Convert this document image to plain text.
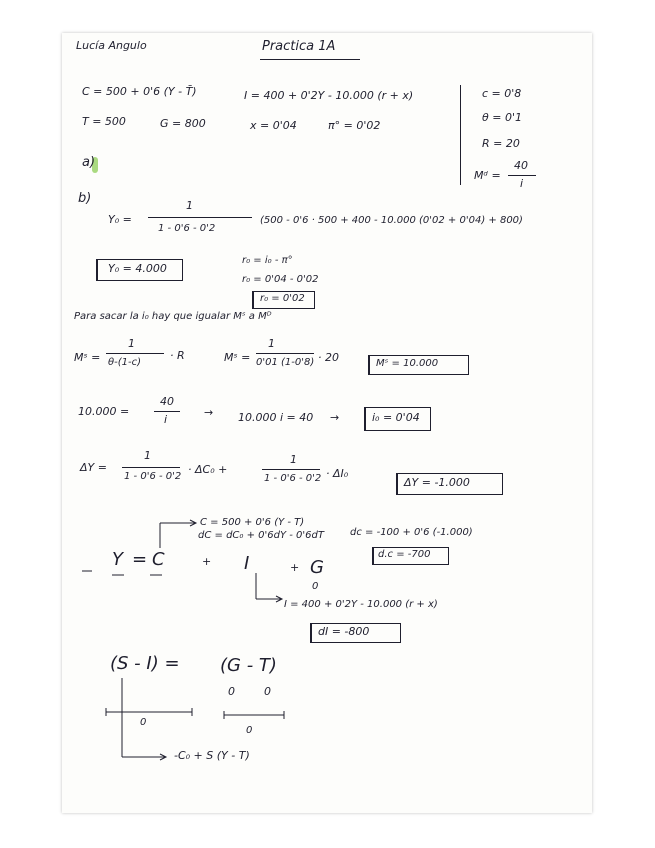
Lucía Angulo	Practica 1A
C = 500 + 0'6 (Y - T̄)	I = 400 + 0'2Y - 10.000 (r + x)
T = 500	G = 800	x = 0'04	π° = 0'02
c = 0'8
θ = 0'1
R = 20
Mᵈ =
40
i
a)
b)
Y₀ =
1
1 - 0'6 - 0'2
(500 - 0'6 · 500 + 400 - 10.000 (0'02 + 0'04) + 800)
Y₀ = 4.000
r₀ = i₀ - π°
r₀ = 0'04 - 0'02
r₀ = 0'02
Para sacar la i₀ hay que igualar Mˢ a Mᴰ
Mˢ =
1
θ-(1-c)
· R	Mˢ =
1
0'01 (1-0'8) · 20	Mˢ = 10.000
10.000 =
40
i
→ 10.000 i = 40 →	i₀ = 0'04
ΔY =
1
1 - 0'6 - 0'2
· ΔC₀ +
1
1 - 0'6 - 0'2 · ΔI₀
ΔY = -1.000
C = 500 + 0'6 (Y - T)
dC = dC₀ + 0'6dY - 0'6dT	dc = -100 + 0'6 (-1.000)
d.c = -700
Y = C	+ I	+ G
0
I = 400 + 0'2Y - 10.000 (r + x)
dI = -800
(S - I) = (G - T)
0	0
0
0
-C₀ + S (Y - T)
